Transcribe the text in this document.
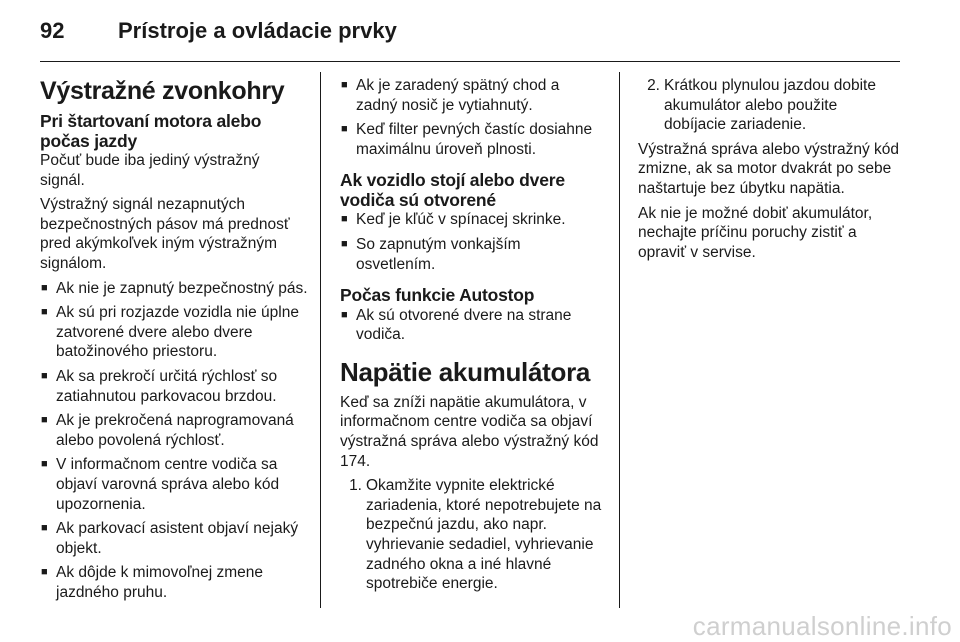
92 Prístroje a ovládacie prvky
Výstražné zvonkohry
Pri štartovaní motora alebo počas jazdy

Počuť bude iba jediný výstražný signál.

Výstražný signál nezapnutých bezpečnostných pásov má prednosť pred akýmkoľvek iným výstražným signálom.

■ Ak nie je zapnutý bezpečnostný pás.
■ Ak sú pri rozjazde vozidla nie úplne zatvorené dvere alebo dvere batožinového priestoru.
■ Ak sa prekročí určitá rýchlosť so zatiahnutou parkovacou brzdou.
■ Ak je prekročená naprogramovaná alebo povolená rýchlosť.
■ V informačnom centre vodiča sa objaví varovná správa alebo kód upozornenia.
■ Ak parkovací asistent objaví nejaký objekt.
■ Ak dôjde k mimovoľnej zmene jazdného pruhu.
■ Ak je zaradený spätný chod a zadný nosič je vytiahnutý.
■ Keď filter pevných častíc dosiahne maximálnu úroveň plnosti.
Ak vozidlo stojí alebo dvere vodiča sú otvorené
■ Keď je kľúč v spínacej skrinke.
■ So zapnutým vonkajším osvetlením.
Počas funkcie Autostop
■ Ak sú otvorené dvere na strane vodiča.
Napätie akumulátora

Keď sa zníži napätie akumulátora, v informačnom centre vodiča sa objaví výstražná správa alebo výstražný kód 174.

1. Okamžite vypnite elektrické zariadenia, ktoré nepotrebujete na bezpečnú jazdu, ako napr. vyhrievanie sedadiel, vyhrievanie zadného okna a iné hlavné spotrebiče energie.
2. Krátkou plynulou jazdou dobite akumulátor alebo použite dobíjacie zariadenie.

Výstražná správa alebo výstražný kód zmizne, ak sa motor dvakrát po sebe naštartuje bez úbytku napätia.

Ak nie je možné dobiť akumulátor, nechajte príčinu poruchy zistiť a opraviť v servise.

carmanualsonline.info
